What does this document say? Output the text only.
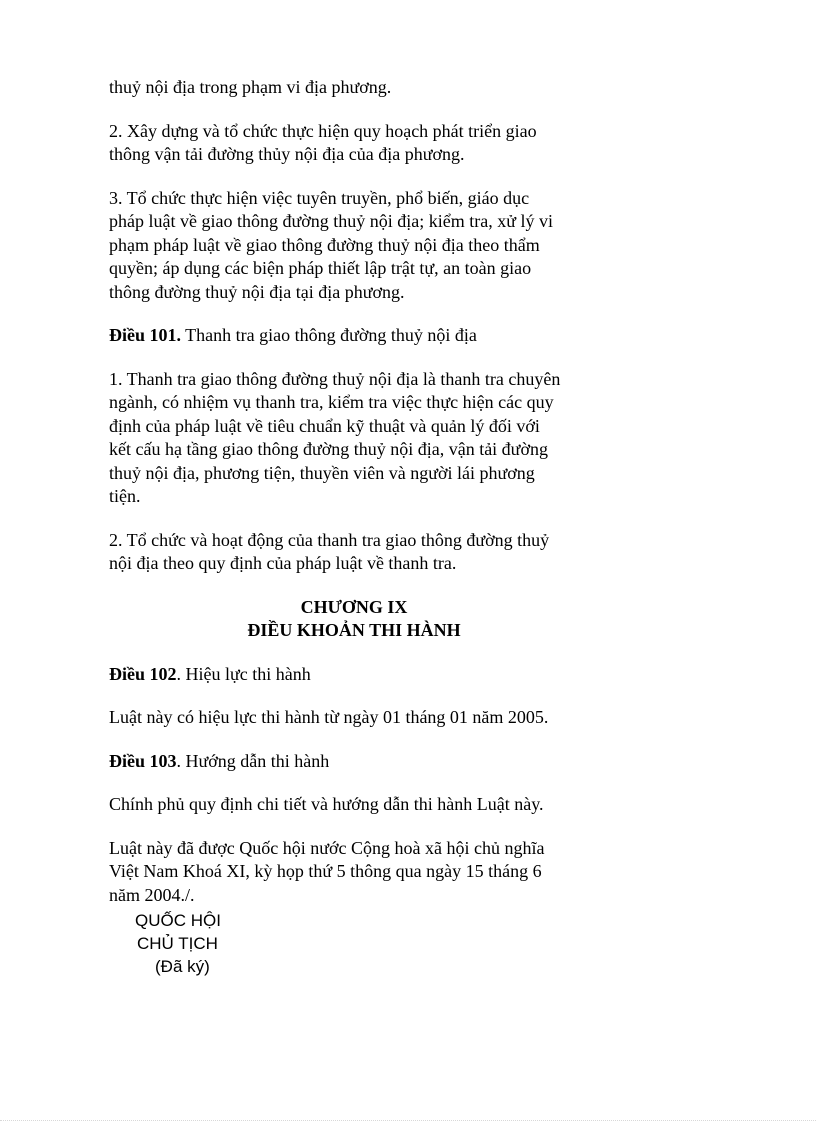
thuỷ nội địa trong phạm vi địa phương.

2. Xây dựng và tổ chức thực hiện quy hoạch phát triển giao
thông vận tải đường thủy nội địa của địa phương.

3. Tổ chức thực hiện việc tuyên truyền, phổ biến, giáo dục
pháp luật về giao thông đường thuỷ nội địa; kiểm tra, xử lý vi
phạm pháp luật về giao thông đường thuỷ nội địa theo thẩm
quyền; áp dụng các biện pháp thiết lập trật tự, an toàn giao
thông đường thuỷ nội địa tại địa phương.

Điều 101. Thanh tra giao thông đường thuỷ nội địa

1. Thanh tra giao thông đường thuỷ nội địa là thanh tra chuyên
ngành, có nhiệm vụ thanh tra, kiểm tra việc thực hiện các quy
định của pháp luật về tiêu chuẩn kỹ thuật và quản lý đối với
kết cấu hạ tầng giao thông đường thuỷ nội địa, vận tải đường
thuỷ nội địa, phương tiện, thuyền viên và người lái phương
tiện.

2. Tổ chức và hoạt động của thanh tra giao thông đường thuỷ
nội địa theo quy định của pháp luật về thanh tra.

CHƯƠNG IX
ĐIỀU KHOẢN THI HÀNH

Điều 102. Hiệu lực thi hành

Luật này có hiệu lực thi hành từ ngày 01 tháng 01 năm 2005.

Điều 103. Hướng dẫn thi hành

Chính phủ quy định chi tiết và hướng dẫn thi hành Luật này.

Luật này đã được Quốc hội nước Cộng hoà xã hội chủ nghĩa
Việt Nam Khoá XI, kỳ họp thứ 5 thông qua ngày 15 tháng 6
năm 2004./.

QUỐC HỘI
CHỦ TỊCH
(Đã ký)
